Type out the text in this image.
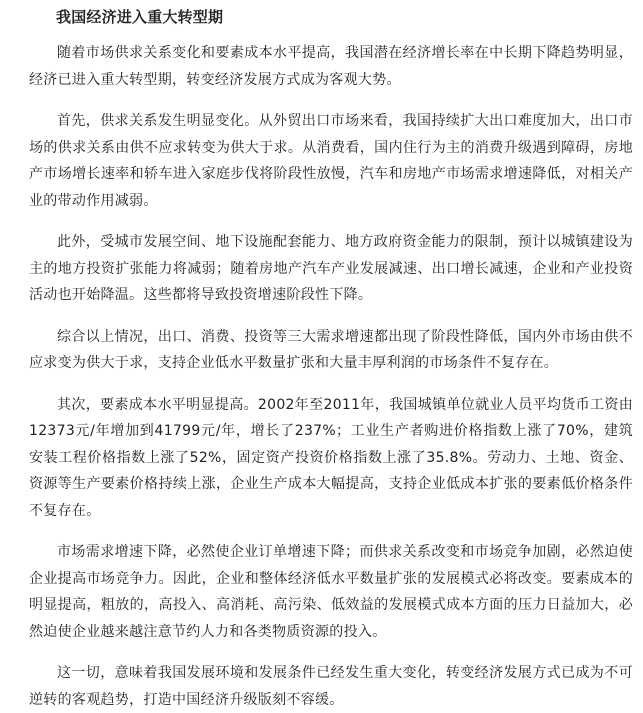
我国经济进入重大转型期

随着市场供求关系变化和要素成本水平提高，我国潜在经济增长率在中长期下降趋势明显，经济已进入重大转型期，转变经济发展方式成为客观大势。

首先，供求关系发生明显变化。从外贸出口市场来看，我国持续扩大出口难度加大，出口市场的供求关系由供不应求转变为供大于求。从消费看，国内住行为主的消费升级遇到障碍，房地产市场增长速率和轿车进入家庭步伐将阶段性放慢，汽车和房地产市场需求增速降低，对相关产业的带动作用减弱。

此外，受城市发展空间、地下设施配套能力、地方政府资金能力的限制，预计以城镇建设为主的地方投资扩张能力将减弱；随着房地产汽车产业发展减速、出口增长减速，企业和产业投资活动也开始降温。这些都将导致投资增速阶段性下降。

综合以上情况，出口、消费、投资等三大需求增速都出现了阶段性降低，国内外市场由供不应求变为供大于求，支持企业低水平数量扩张和大量丰厚利润的市场条件不复存在。

其次，要素成本水平明显提高。2002年至2011年，我国城镇单位就业人员平均货币工资由12373元/年增加到41799元/年，增长了237%；工业生产者购进价格指数上涨了70%，建筑安装工程价格指数上涨了52%，固定资产投资价格指数上涨了35.8%。劳动力、土地、资金、资源等生产要素价格持续上涨，企业生产成本大幅提高，支持企业低成本扩张的要素低价格条件不复存在。

市场需求增速下降，必然使企业订单增速下降；而供求关系改变和市场竞争加剧，必然迫使企业提高市场竞争力。因此，企业和整体经济低水平数量扩张的发展模式必将改变。要素成本的明显提高，粗放的，高投入、高消耗、高污染、低效益的发展模式成本方面的压力日益加大，必然迫使企业越来越注意节约人力和各类物质资源的投入。

这一切，意味着我国发展环境和发展条件已经发生重大变化，转变经济发展方式已成为不可逆转的客观趋势，打造中国经济升级版刻不容缓。
